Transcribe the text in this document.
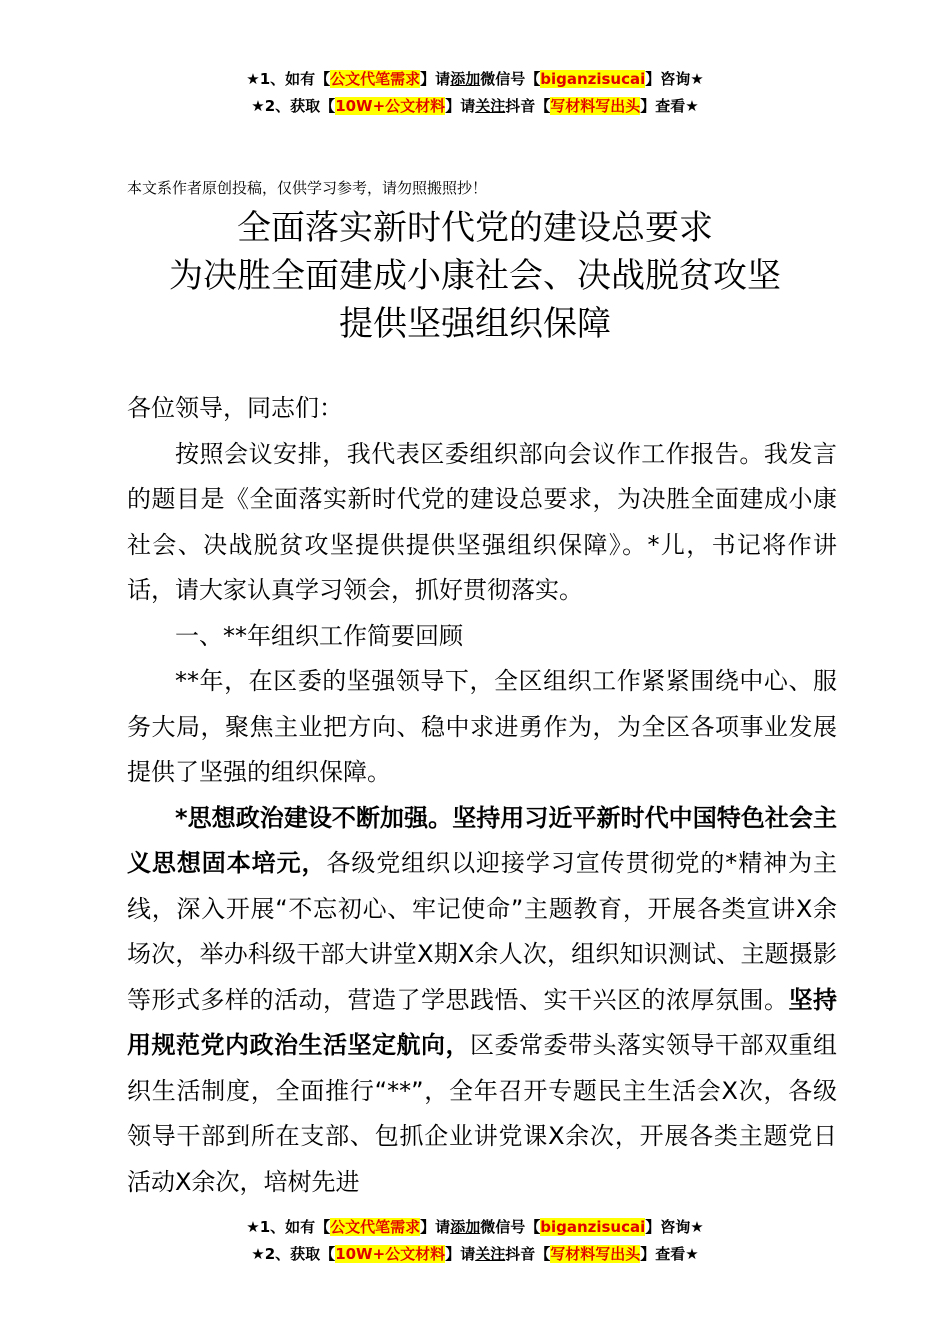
★1、如有【公文代笔需求】请添加微信号【biganzisucai】咨询★
★2、获取【10W+公文材料】请关注抖音【写材料写出头】查看★
本文系作者原创投稿，仅供学习参考，请勿照搬照抄！
全面落实新时代党的建设总要求
为决胜全面建成小康社会、决战脱贫攻坚
提供坚强组织保障

各位领导，同志们：

按照会议安排，我代表区委组织部向会议作工作报告。我发言的题目是《全面落实新时代党的建设总要求，为决胜全面建成小康社会、决战脱贫攻坚提供提供坚强组织保障》。*儿，书记将作讲话，请大家认真学习领会，抓好贯彻落实。

一、**年组织工作简要回顾

**年，在区委的坚强领导下，全区组织工作紧紧围绕中心、服务大局，聚焦主业把方向、稳中求进勇作为，为全区各项事业发展提供了坚强的组织保障。

*思想政治建设不断加强。坚持用习近平新时代中国特色社会主义思想固本培元，各级党组织以迎接学习宣传贯彻党的*精神为主线，深入开展“不忘初心、牢记使命”主题教育，开展各类宣讲X余场次，举办科级干部大讲堂X期X余人次，组织知识测试、主题摄影等形式多样的活动，营造了学思践悟、实干兴区的浓厚氛围。坚持用规范党内政治生活坚定航向，区委常委带头落实领导干部双重组织生活制度，全面推行“**”，全年召开专题民主生活会X次，各级领导干部到所在支部、包抓企业讲党课X余次，开展各类主题党日活动X余次，培树先进

★1、如有【公文代笔需求】请添加微信号【biganzisucai】咨询★
★2、获取【10W+公文材料】请关注抖音【写材料写出头】查看★
